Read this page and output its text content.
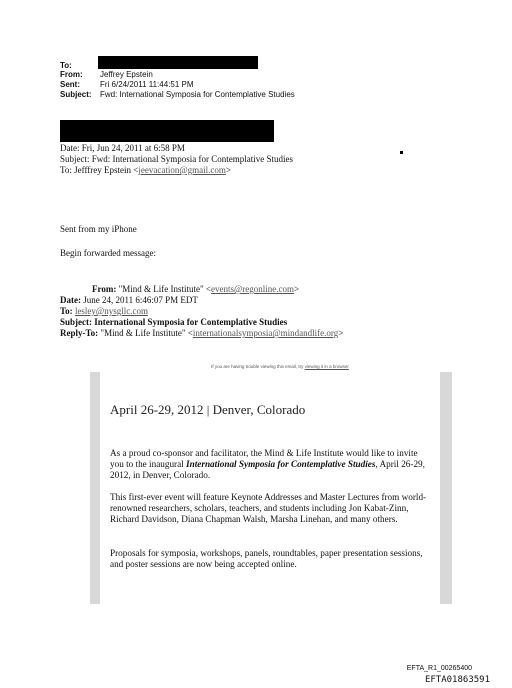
To:
From: Jeffrey Epstein
Sent:	Fri 6/24/2011 11:44:51 PM
Subject: Fwd: International Symposia for Contemplative Studies
Date: Fri, Jun 24, 2011 at 6:58 PM
Subject: Fwd: International Symposia for Contemplative Studies
To: Jefffrey Epstein <jeevacation@gmail.com>
Sent from my iPhone
Begin forwarded message:
From: "Mind & Life Institute" <events@regonline.com>
Date: June 24, 2011 6:46:07 PM EDT
To: lesley@nysgllc.com
Subject: International Symposia for Contemplative Studies
Reply-To: "Mind & Life Institute" <internationalsymposia@mindandlife.org>
If you are having trouble viewing this email, try viewing it in a browser
April 26-29, 2012 | Denver, Colorado
As a proud co-sponsor and facilitator, the Mind & Life Institute would like to invite you to the inaugural International Symposia for Contemplative Studies, April 26-29, 2012, in Denver, Colorado.
This first-ever event will feature Keynote Addresses and Master Lectures from world-renowned researchers, scholars, teachers, and students including Jon Kabat-Zinn, Richard Davidson, Diana Chapman Walsh, Marsha Linehan, and many others.
Proposals for symposia, workshops, panels, roundtables, paper presentation sessions, and poster sessions are now being accepted online.
EFTA_R1_00265400
EFTA01863591
